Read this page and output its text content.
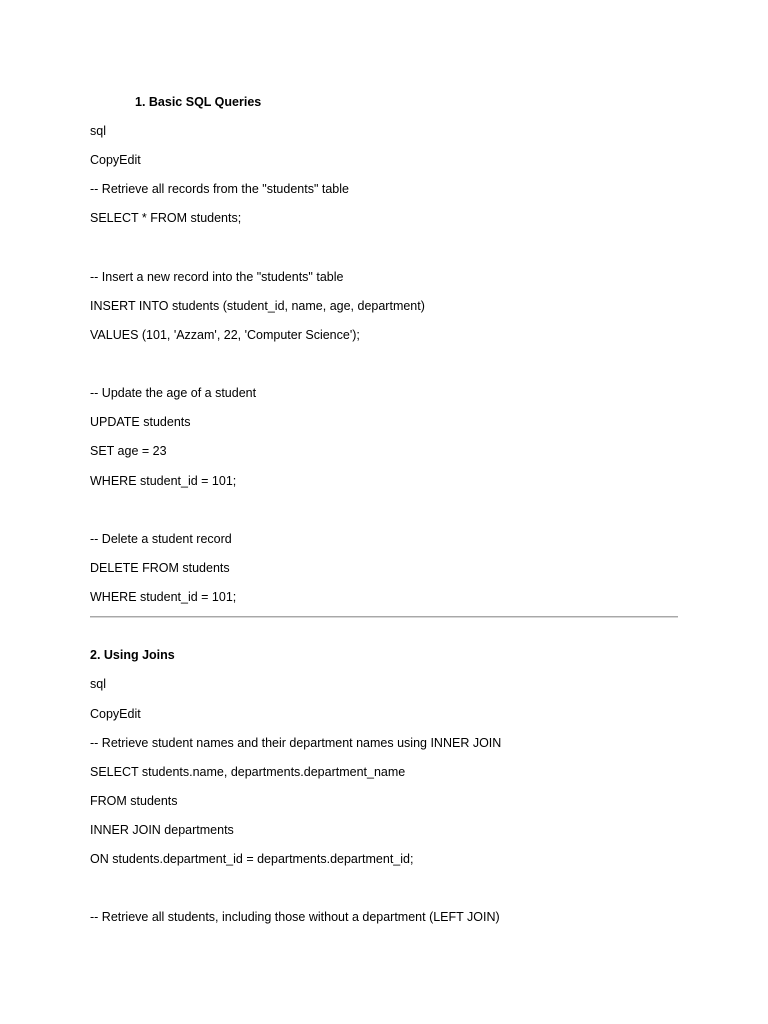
1. Basic SQL Queries
sql
CopyEdit
-- Retrieve all records from the "students" table
SELECT * FROM students;
-- Insert a new record into the "students" table
INSERT INTO students (student_id, name, age, department)
VALUES (101, 'Azzam', 22, 'Computer Science');
-- Update the age of a student
UPDATE students
SET age = 23
WHERE student_id = 101;
-- Delete a student record
DELETE FROM students
WHERE student_id = 101;
2. Using Joins
sql
CopyEdit
-- Retrieve student names and their department names using INNER JOIN
SELECT students.name, departments.department_name
FROM students
INNER JOIN departments
ON students.department_id = departments.department_id;
-- Retrieve all students, including those without a department (LEFT JOIN)
